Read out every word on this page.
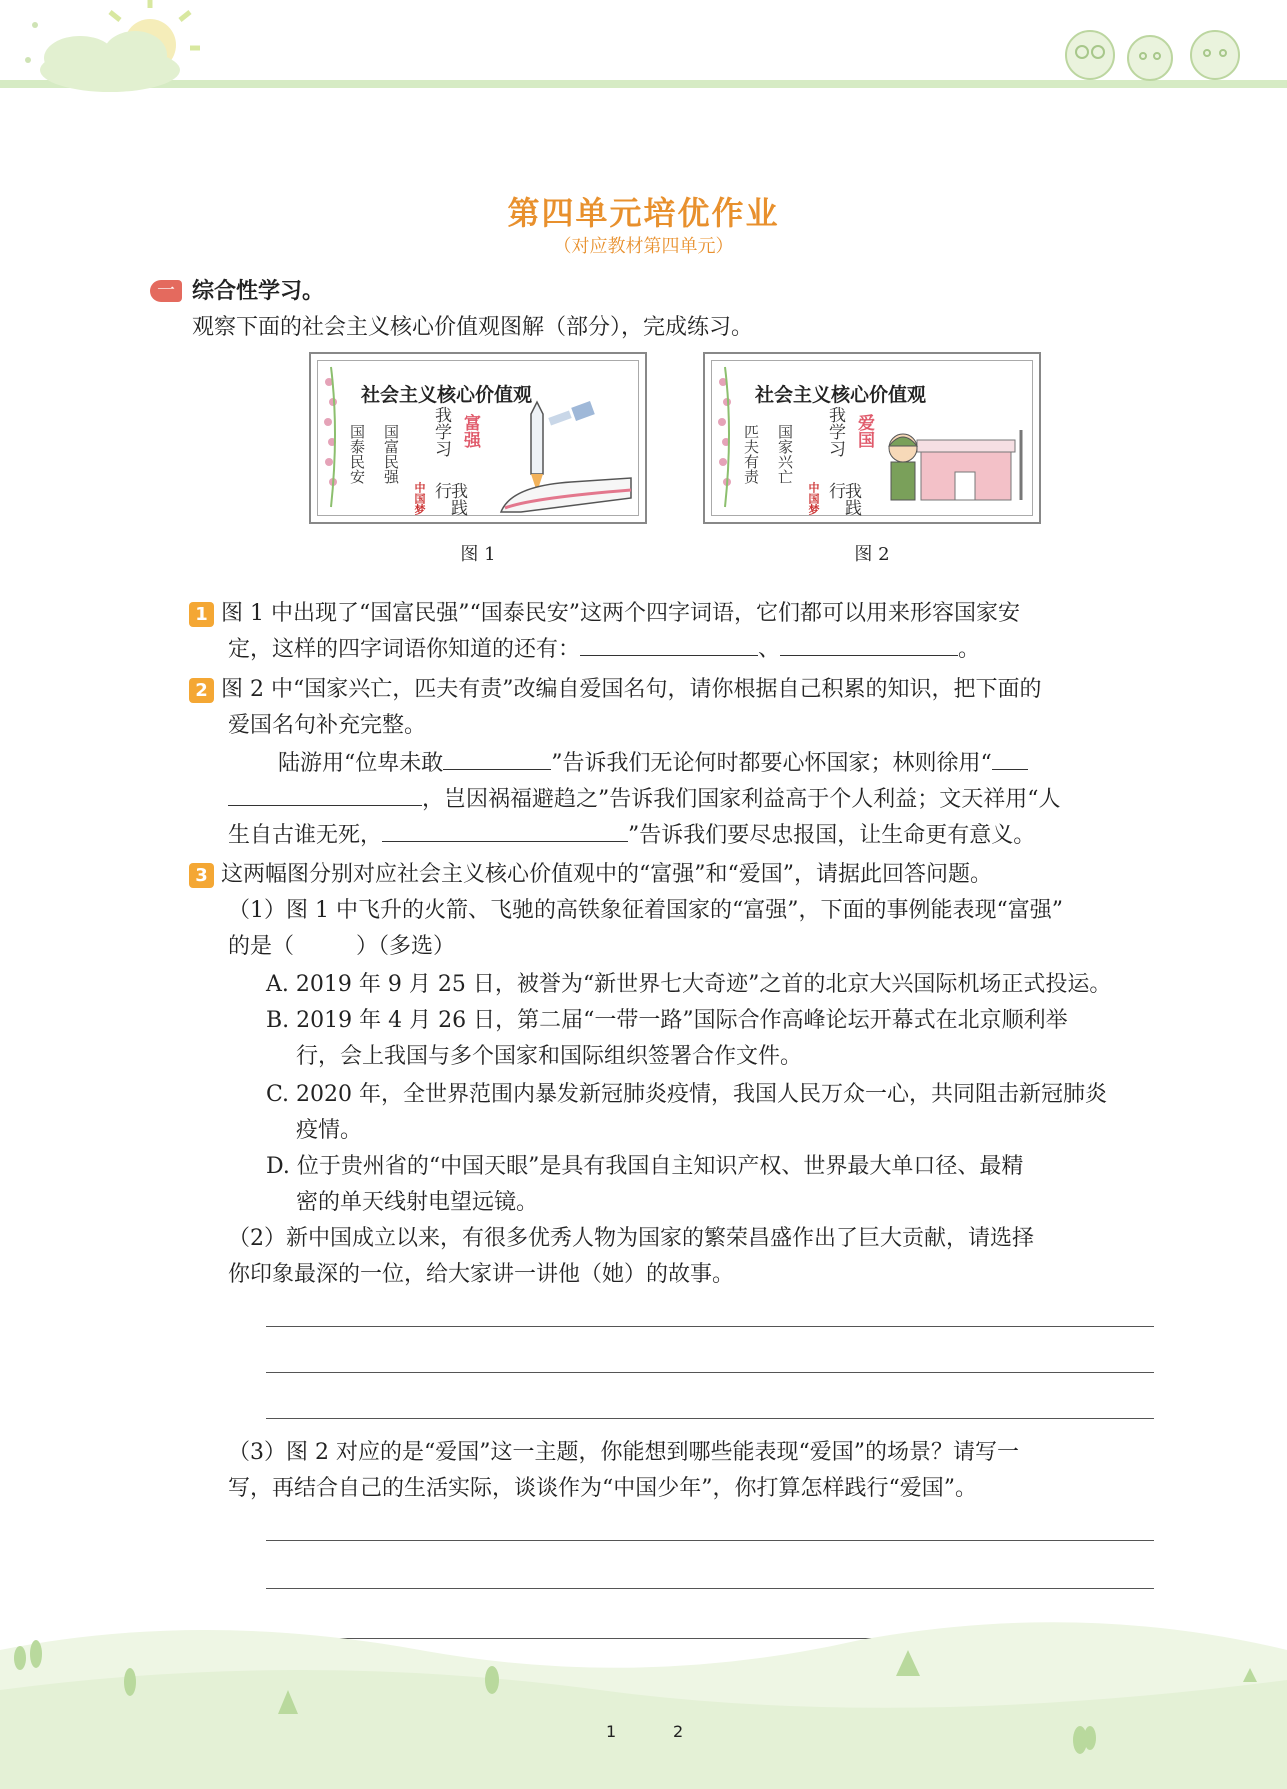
第四单元培优作业
（对应教材第四单元）
一 综合性学习。
观察下面的社会主义核心价值观图解（部分），完成练习。
社会主义核心价值观
国泰民安 国富民强 我学习
我践行
富强
中国梦
图 1
社会主义核心价值观
匹夫有责 国家兴亡 我学习
我践行
爱国
中国梦
图 2
1 图 1 中出现了“国富民强”“国泰民安”这两个四字词语，它们都可以用来形容国家安
定，这样的四字词语你知道的还有：	、	。
2 图 2 中“国家兴亡，匹夫有责”改编自爱国名句，请你根据自己积累的知识，把下面的
爱国名句补充完整。
陆游用“位卑未敢	”告诉我们无论何时都要心怀国家；林则徐用“
，岂因祸福避趋之”告诉我们国家利益高于个人利益；文天祥用“人
生自古谁无死，	”告诉我们要尽忠报国，让生命更有意义。
3 这两幅图分别对应社会主义核心价值观中的“富强”和“爱国”，请据此回答问题。
（1）图 1 中飞升的火箭、飞驰的高铁象征着国家的“富强”，下面的事例能表现“富强”
的是（	）（多选）
A. 2019 年 9 月 25 日，被誉为“新世界七大奇迹”之首的北京大兴国际机场正式投运。
B. 2019 年 4 月 26 日，第二届“一带一路”国际合作高峰论坛开幕式在北京顺利举
行，会上我国与多个国家和国际组织签署合作文件。
C. 2020 年，全世界范围内暴发新冠肺炎疫情，我国人民万众一心，共同阻击新冠肺炎
疫情。
D. 位于贵州省的“中国天眼”是具有我国自主知识产权、世界最大单口径、最精
密的单天线射电望远镜。
（2）新中国成立以来，有很多优秀人物为国家的繁荣昌盛作出了巨大贡献，请选择
你印象最深的一位，给大家讲一讲他（她）的故事。
（3）图 2 对应的是“爱国”这一主题，你能想到哪些能表现“爱国”的场景？请写一
写，再结合自己的生活实际，谈谈作为“中国少年”，你打算怎样践行“爱国”。
1	2
